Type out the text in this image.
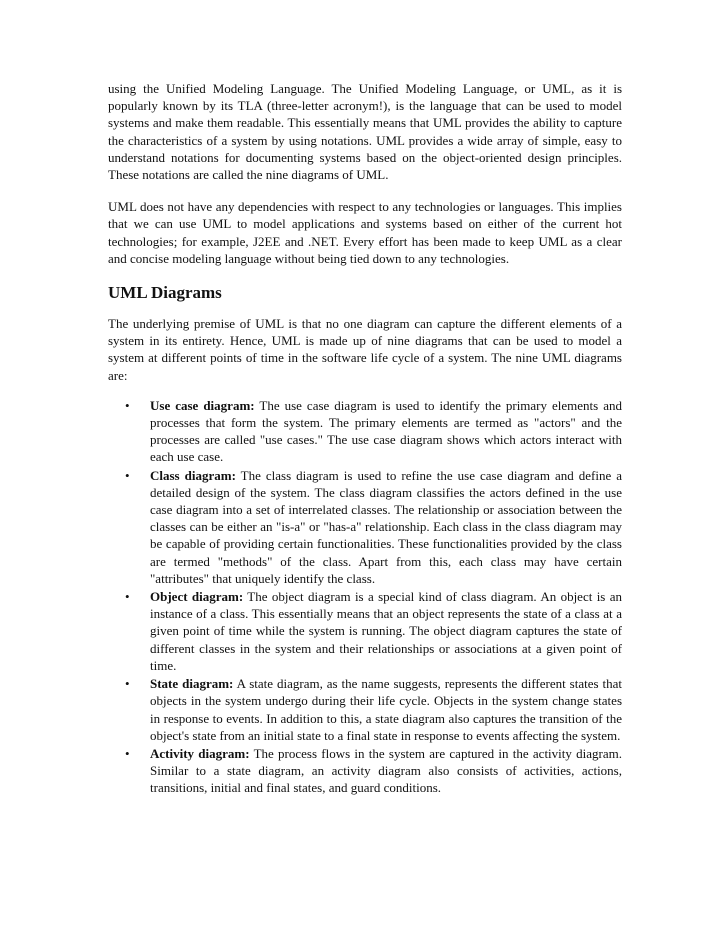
using the Unified Modeling Language. The Unified Modeling Language, or UML, as it is popularly known by its TLA (three-letter acronym!), is the language that can be used to model systems and make them readable. This essentially means that UML provides the ability to capture the characteristics of a system by using notations. UML provides a wide array of simple, easy to understand notations for documenting systems based on the object-oriented design principles. These notations are called the nine diagrams of UML.

UML does not have any dependencies with respect to any technologies or languages. This implies that we can use UML to model applications and systems based on either of the current hot technologies; for example, J2EE and .NET. Every effort has been made to keep UML as a clear and concise modeling language without being tied down to any technologies.

UML Diagrams

The underlying premise of UML is that no one diagram can capture the different elements of a system in its entirety. Hence, UML is made up of nine diagrams that can be used to model a system at different points of time in the software life cycle of a system. The nine UML diagrams are:

• Use case diagram: The use case diagram is used to identify the primary elements and processes that form the system. The primary elements are termed as "actors" and the processes are called "use cases." The use case diagram shows which actors interact with each use case.
• Class diagram: The class diagram is used to refine the use case diagram and define a detailed design of the system. The class diagram classifies the actors defined in the use case diagram into a set of interrelated classes. The relationship or association between the classes can be either an "is-a" or "has-a" relationship. Each class in the class diagram may be capable of providing certain functionalities. These functionalities provided by the class are termed "methods" of the class. Apart from this, each class may have certain "attributes" that uniquely identify the class.
• Object diagram: The object diagram is a special kind of class diagram. An object is an instance of a class. This essentially means that an object represents the state of a class at a given point of time while the system is running. The object diagram captures the state of different classes in the system and their relationships or associations at a given point of time.
• State diagram: A state diagram, as the name suggests, represents the different states that objects in the system undergo during their life cycle. Objects in the system change states in response to events. In addition to this, a state diagram also captures the transition of the object's state from an initial state to a final state in response to events affecting the system.
• Activity diagram: The process flows in the system are captured in the activity diagram. Similar to a state diagram, an activity diagram also consists of activities, actions, transitions, initial and final states, and guard conditions.
